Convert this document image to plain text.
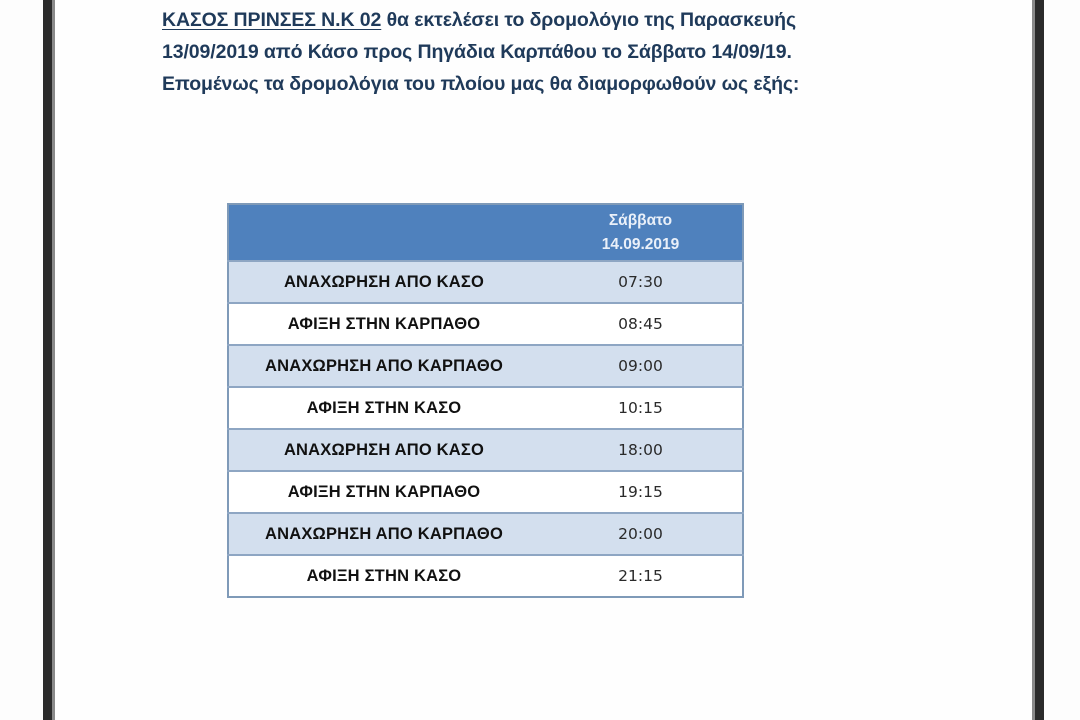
ΚΑΣΟΣ ΠΡΙΝΣΕΣ Ν.Κ 02 θα εκτελέσει το δρομολόγιο της Παρασκευής
13/09/2019 από Κάσο προς Πηγάδια Καρπάθου το Σάββατο 14/09/19.
Επομένως τα δρομολόγια του πλοίου μας θα διαμορφωθούν ως εξής:

	Σάββατο
14.09.2019

ΑΝΑΧΩΡΗΣΗ ΑΠΟ ΚΑΣΟ	07:30
ΑΦΙΞΗ ΣΤΗΝ ΚΑΡΠΑΘΟ	08:45
ΑΝΑΧΩΡΗΣΗ ΑΠΟ ΚΑΡΠΑΘΟ	09:00
ΑΦΙΞΗ ΣΤΗΝ ΚΑΣΟ	10:15
ΑΝΑΧΩΡΗΣΗ ΑΠΟ ΚΑΣΟ	18:00
ΑΦΙΞΗ ΣΤΗΝ ΚΑΡΠΑΘΟ	19:15
ΑΝΑΧΩΡΗΣΗ ΑΠΟ ΚΑΡΠΑΘΟ	20:00
ΑΦΙΞΗ ΣΤΗΝ ΚΑΣΟ	21:15
